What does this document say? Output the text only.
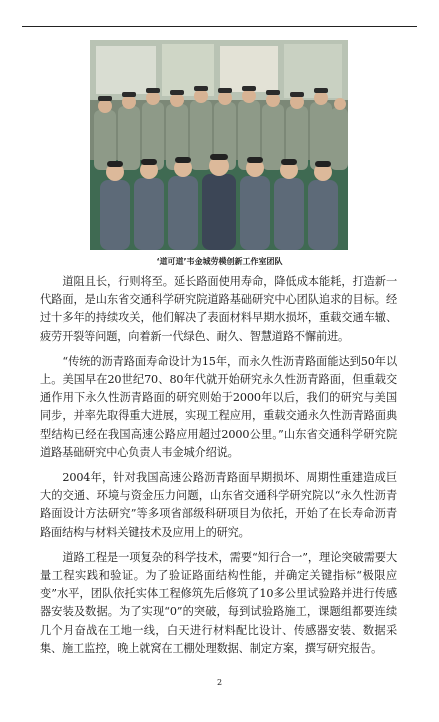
‘道可道’韦金城劳模创新工作室团队

道阻且长，行则将至。延长路面使用寿命，降低成本能耗，打造新一代路面，是山东省交通科学研究院道路基础研究中心团队追求的目标。经过十多年的持续攻关，他们解决了表面材料早期水损坏，重载交通车辙、疲劳开裂等问题，向着新一代绿色、耐久、智慧道路不懈前进。

“传统的沥青路面寿命设计为15年，而永久性沥青路面能达到50年以上。美国早在20世纪70、80年代就开始研究永久性沥青路面，但重载交通作用下永久性沥青路面的研究则始于2000年以后，我们的研究与美国同步，并率先取得重大进展，实现工程应用，重载交通永久性沥青路面典型结构已经在我国高速公路应用超过2000公里。”山东省交通科学研究院道路基础研究中心负责人韦金城介绍说。

2004年，针对我国高速公路沥青路面早期损坏、周期性重建造成巨大的交通、环境与资金压力问题，山东省交通科学研究院以“永久性沥青路面设计方法研究”等多项省部级科研项目为依托，开始了在长寿命沥青路面结构与材料关键技术及应用上的研究。

道路工程是一项复杂的科学技术，需要“知行合一”，理论突破需要大量工程实践和验证。为了验证路面结构性能，并确定关键指标“极限应变”水平，团队依托实体工程修筑先后修筑了10多公里试验路并进行传感器安装及数据。为了实现“0”的突破，每到试验路施工，课题组都要连续几个月奋战在工地一线，白天进行材料配比设计、传感器安装、数据采集、施工监控，晚上就窝在工棚处理数据、制定方案，撰写研究报告。

2
